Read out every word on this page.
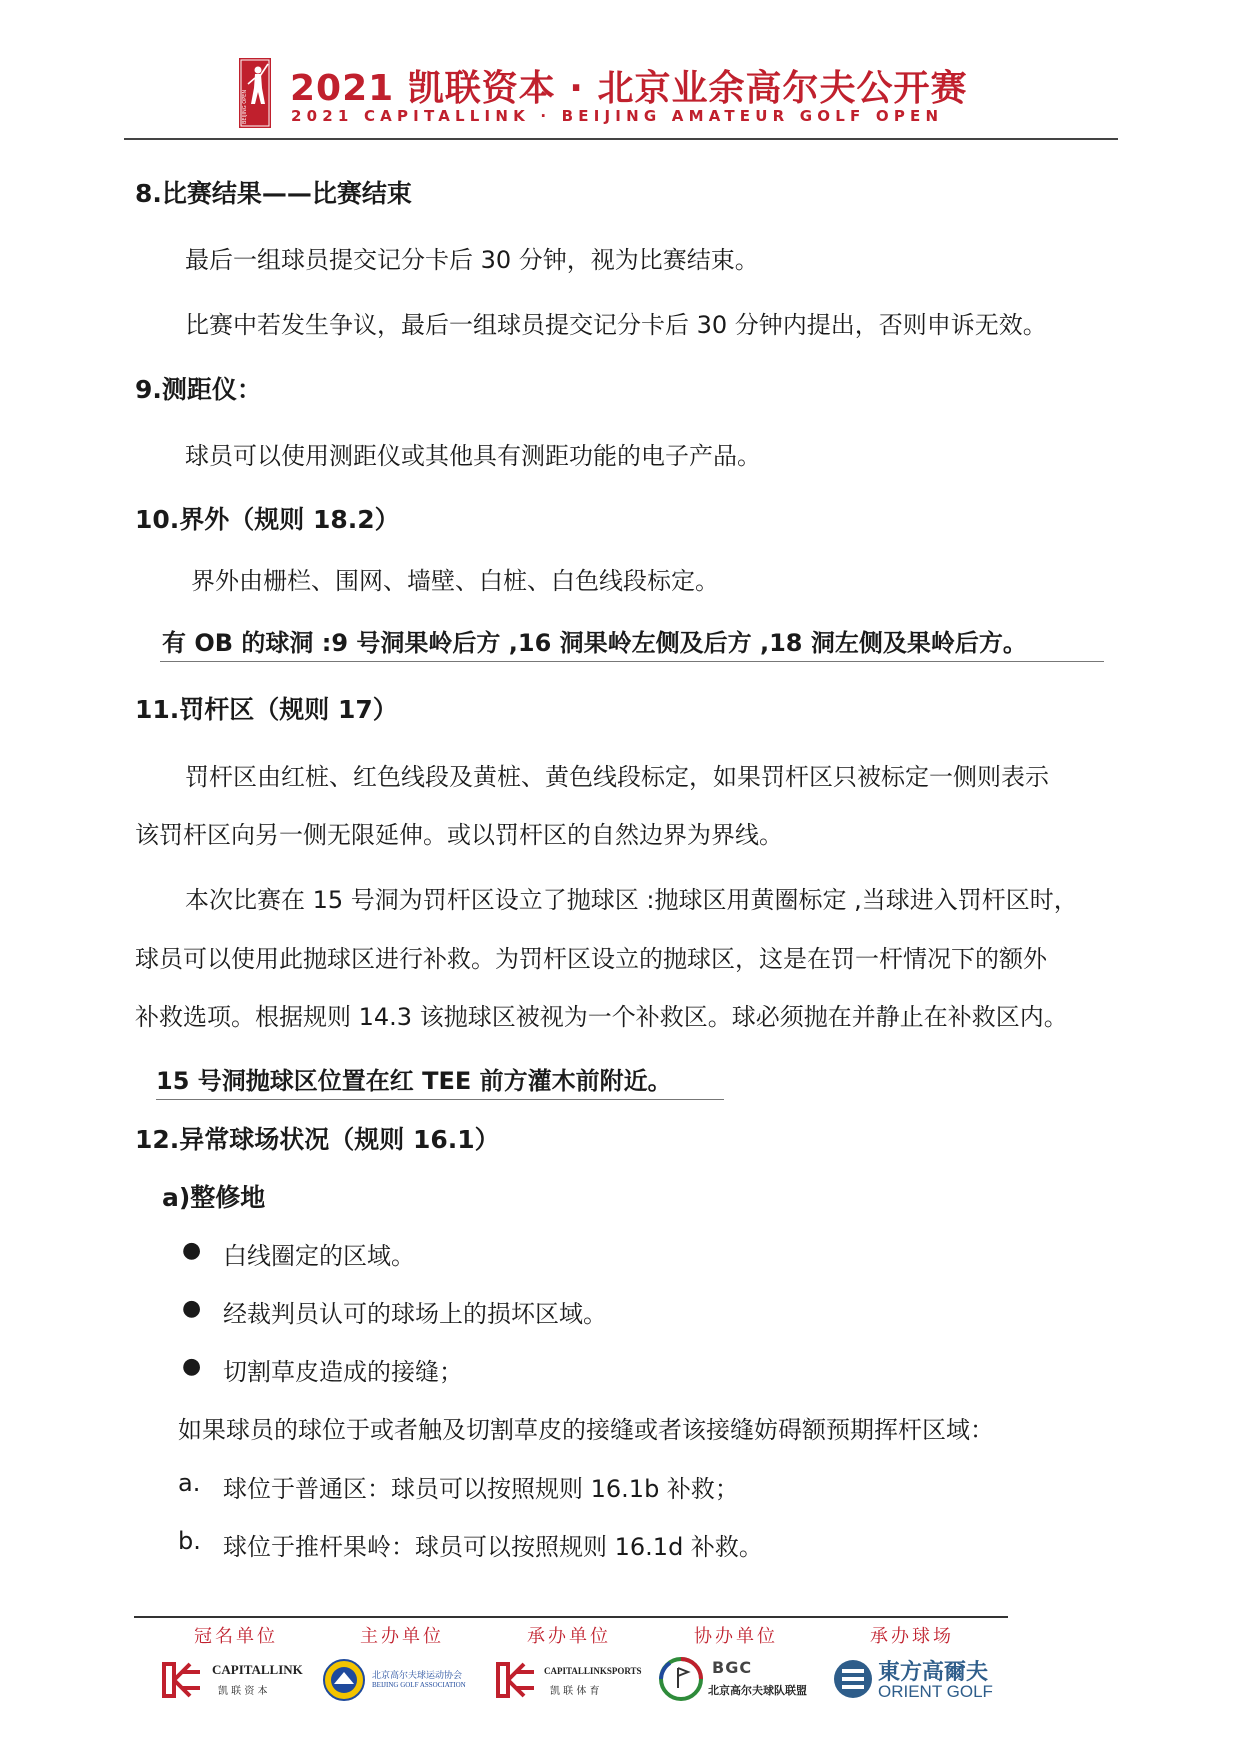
BEIJING OPEN 2021 凯联资本 · 北京业余高尔夫公开赛
2021 CAPITALLINK · BEIJING AMATEUR GOLF OPEN
8.比赛结果——比赛结束
最后一组球员提交记分卡后 30 分钟，视为比赛结束。
比赛中若发生争议，最后一组球员提交记分卡后 30 分钟内提出，否则申诉无效。
9.测距仪：
球员可以使用测距仪或其他具有测距功能的电子产品。
10.界外（规则 18.2）
界外由栅栏、围网、墙壁、白桩、白色线段标定。
有 OB 的球洞 :9 号洞果岭后方 ,16 洞果岭左侧及后方 ,18 洞左侧及果岭后方。
11.罚杆区（规则 17）
罚杆区由红桩、红色线段及黄桩、黄色线段标定，如果罚杆区只被标定一侧则表示
该罚杆区向另一侧无限延伸。或以罚杆区的自然边界为界线。
本次比赛在 15 号洞为罚杆区设立了抛球区 :抛球区用黄圈标定 ,当球进入罚杆区时，
球员可以使用此抛球区进行补救。为罚杆区设立的抛球区，这是在罚一杆情况下的额外
补救选项。根据规则 14.3 该抛球区被视为一个补救区。球必须抛在并静止在补救区内。
15 号洞抛球区位置在红 TEE 前方灌木前附近。
12.异常球场状况（规则 16.1）
a)整修地
● 白线圈定的区域。
● 经裁判员认可的球场上的损坏区域。
● 切割草皮造成的接缝；
如果球员的球位于或者触及切割草皮的接缝或者该接缝妨碍额预期挥杆区域：
a. 球位于普通区：球员可以按照规则 16.1b 补救；
b. 球位于推杆果岭：球员可以按照规则 16.1d 补救。
冠名单位	主办单位	承办单位	协办单位	承办球场
CAPITALLINK
凯 联 资 本
北京高尔夫球运动协会
BEIJING GOLF ASSOCIATION
CAPITALLINKSPORTS
凯 联 体 育
BGC
北京高尔夫球队联盟
東方高爾夫
ORIENT GOLF
